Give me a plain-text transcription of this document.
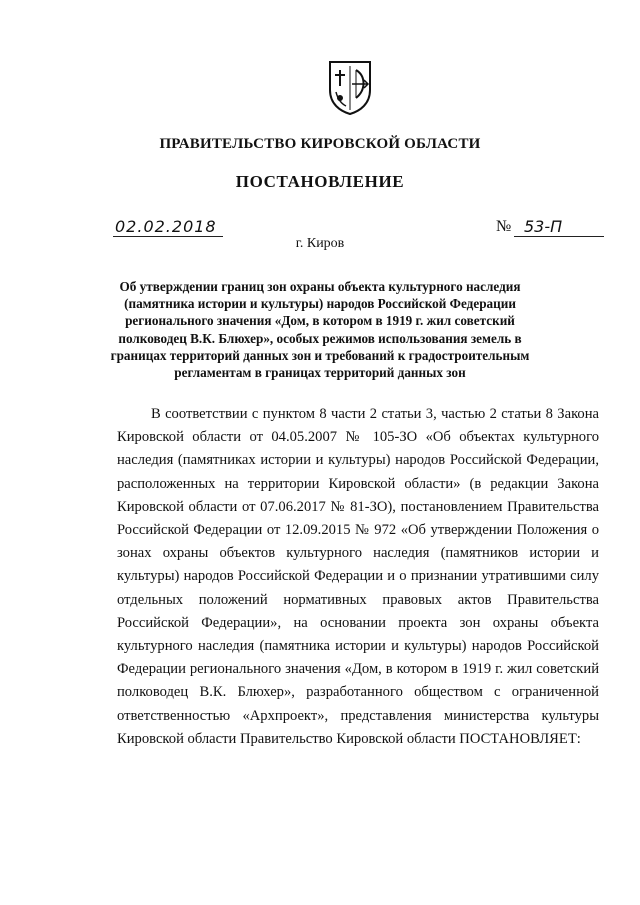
ПРАВИТЕЛЬСТВО КИРОВСКОЙ ОБЛАСТИ
ПОСТАНОВЛЕНИЕ
02.02.2018	№ 53-П
г. Киров
Об утверждении границ зон охраны объекта культурного наследия (памятника истории и культуры) народов Российской Федерации регионального значения «Дом, в котором в 1919 г. жил советский полководец В.К. Блюхер», особых режимов использования земель в границах территорий данных зон и требований к градостроительным регламентам в границах территорий данных зон

В соответствии с пунктом 8 части 2 статьи 3, частью 2 статьи 8 Закона Кировской области от 04.05.2007 № 105-ЗО «Об объектах культурного наследия (памятниках истории и культуры) народов Российской Федерации, расположенных на территории Кировской области» (в редакции Закона Кировской области от 07.06.2017 № 81-ЗО), постановлением Правительства Российской Федерации от 12.09.2015 № 972 «Об утверждении Положения о зонах охраны объектов культурного наследия (памятников истории и культуры) народов Российской Федерации и о признании утратившими силу отдельных положений нормативных правовых актов Правительства Российской Федерации», на основании проекта зон охраны объекта культурного наследия (памятника истории и культуры) народов Российской Федерации регионального значения «Дом, в котором в 1919 г. жил советский полководец В.К. Блюхер», разработанного обществом с ограниченной ответственностью «Архпроект», представления министерства культуры Кировской области Правительство Кировской области ПОСТАНОВЛЯЕТ:
